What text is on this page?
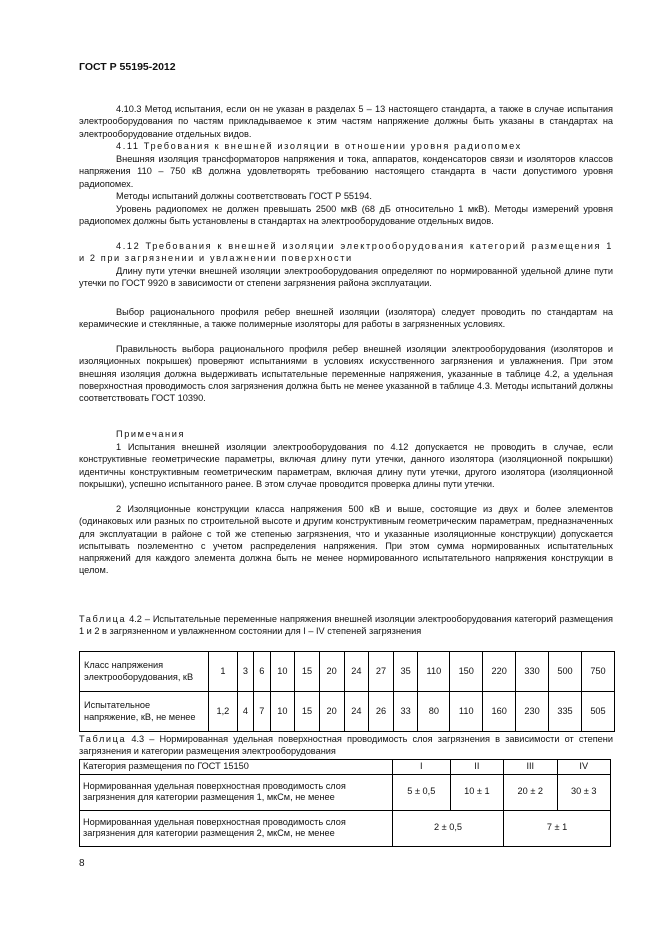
ГОСТ Р 55195-2012

4.10.3 Метод испытания, если он не указан в разделах 5 – 13 настоящего стандарта, а также в случае испытания электрооборудования по частям прикладываемое к этим частям напряжение должны быть указаны в стандартах на электрооборудование отдельных видов.

4.11 Требования к внешней изоляции в отношении уровня радиопомех

Внешняя изоляция трансформаторов напряжения и тока, аппаратов, конденсаторов связи и изоляторов классов напряжения 110 – 750 кВ должна удовлетворять требованию настоящего стандарта в части допустимого уровня радиопомех.

Методы испытаний должны соответствовать ГОСТ Р 55194.

Уровень радиопомех не должен превышать 2500 мкВ (68 дБ относительно 1 мкВ). Методы измерений уровня радиопомех должны быть установлены в стандартах на электрооборудование отдельных видов.

4.12 Требования к внешней изоляции электрооборудования категорий размещения 1 и 2 при загрязнении и увлажнении поверхности

Длину пути утечки внешней изоляции электрооборудования определяют по нормированной удельной длине пути утечки по ГОСТ 9920 в зависимости от степени загрязнения района эксплуатации.

Выбор рационального профиля ребер внешней изоляции (изолятора) следует проводить по стандартам на керамические и стеклянные, а также полимерные изоляторы для работы в загрязненных условиях.

Правильность выбора рационального профиля ребер внешней изоляции электрооборудования (изоляторов и изоляционных покрышек) проверяют испытаниями в условиях искусственного загрязнения и увлажнения. При этом внешняя изоляция должна выдерживать испытательные переменные напряжения, указанные в таблице 4.2, а удельная поверхностная проводимость слоя загрязнения должна быть не менее указанной в таблице 4.3. Методы испытаний должны соответствовать ГОСТ 10390.

Примечания

1 Испытания внешней изоляции электрооборудования по 4.12 допускается не проводить в случае, если конструктивные геометрические параметры, включая длину пути утечки, данного изолятора (изоляционной покрышки) идентичны конструктивным геометрическим параметрам, включая длину пути утечки, другого изолятора (изоляционной покрышки), успешно испытанного ранее. В этом случае проводится проверка длины пути утечки.

2 Изоляционные конструкции класса напряжения 500 кВ и выше, состоящие из двух и более элементов (одинаковых или разных по строительной высоте и другим конструктивным геометрическим параметрам, предназначенных для эксплуатации в районе с той же степенью загрязнения, что и указанные изоляционные конструкции) допускается испытывать поэлементно с учетом распределения напряжения. При этом сумма нормированных испытательных напряжений для каждого элемента должна быть не менее нормированного испытательного напряжения конструкции в целом.

Таблица 4.2 – Испытательные переменные напряжения внешней изоляции электрооборудования категорий размещения 1 и 2 в загрязненном и увлажненном состоянии для I – IV степеней загрязнения

Класс напряжения электрооборудования, кВ	1	3	6	10	15	20	24	27	35	110	150	220	330	500	750
Испытательное напряжение, кВ, не менее	1,2	4	7	10	15	20	24	26	33	80	110	160	230	335	505

Таблица 4.3 – Нормированная удельная поверхностная проводимость слоя загрязнения в зависимости от степени загрязнения и категории размещения электрооборудования

Категория размещения по ГОСТ 15150	I	II	III	IV
Нормированная удельная поверхностная проводимость слоя загрязнения для категории размещения 1, мкСм, не менее	5 ± 0,5	10 ± 1	20 ± 2	30 ± 3
Нормированная удельная поверхностная проводимость слоя загрязнения для категории размещения 2, мкСм, не менее	2 ± 0,5		7 ± 1	
8
